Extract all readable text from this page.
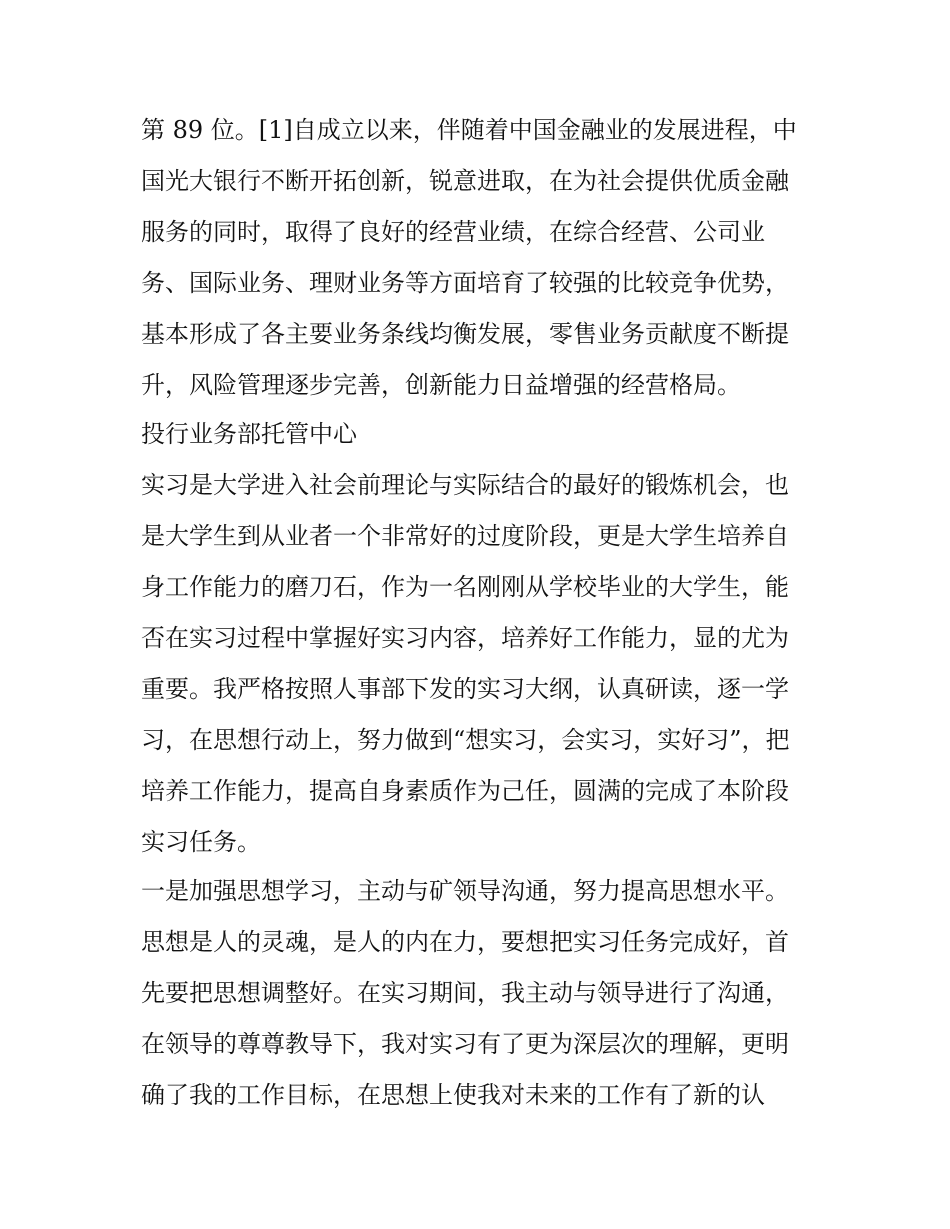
第 89 位。[1]自成立以来，伴随着中国金融业的发展进程，中
国光大银行不断开拓创新，锐意进取，在为社会提供优质金融
服务的同时，取得了良好的经营业绩，在综合经营、公司业
务、国际业务、理财业务等方面培育了较强的比较竞争优势，
基本形成了各主要业务条线均衡发展，零售业务贡献度不断提
升，风险管理逐步完善，创新能力日益增强的经营格局。
投行业务部托管中心
实习是大学进入社会前理论与实际结合的最好的锻炼机会，也
是大学生到从业者一个非常好的过度阶段，更是大学生培养自
身工作能力的磨刀石，作为一名刚刚从学校毕业的大学生，能
否在实习过程中掌握好实习内容，培养好工作能力，显的尤为
重要。我严格按照人事部下发的实习大纲，认真研读，逐一学
习，在思想行动上，努力做到“想实习，会实习，实好习”，把
培养工作能力，提高自身素质作为己任，圆满的完成了本阶段
实习任务。
一是加强思想学习，主动与矿领导沟通，努力提高思想水平。
思想是人的灵魂，是人的内在力，要想把实习任务完成好，首
先要把思想调整好。在实习期间，我主动与领导进行了沟通，
在领导的尊尊教导下，我对实习有了更为深层次的理解，更明
确了我的工作目标，在思想上使我对未来的工作有了新的认
